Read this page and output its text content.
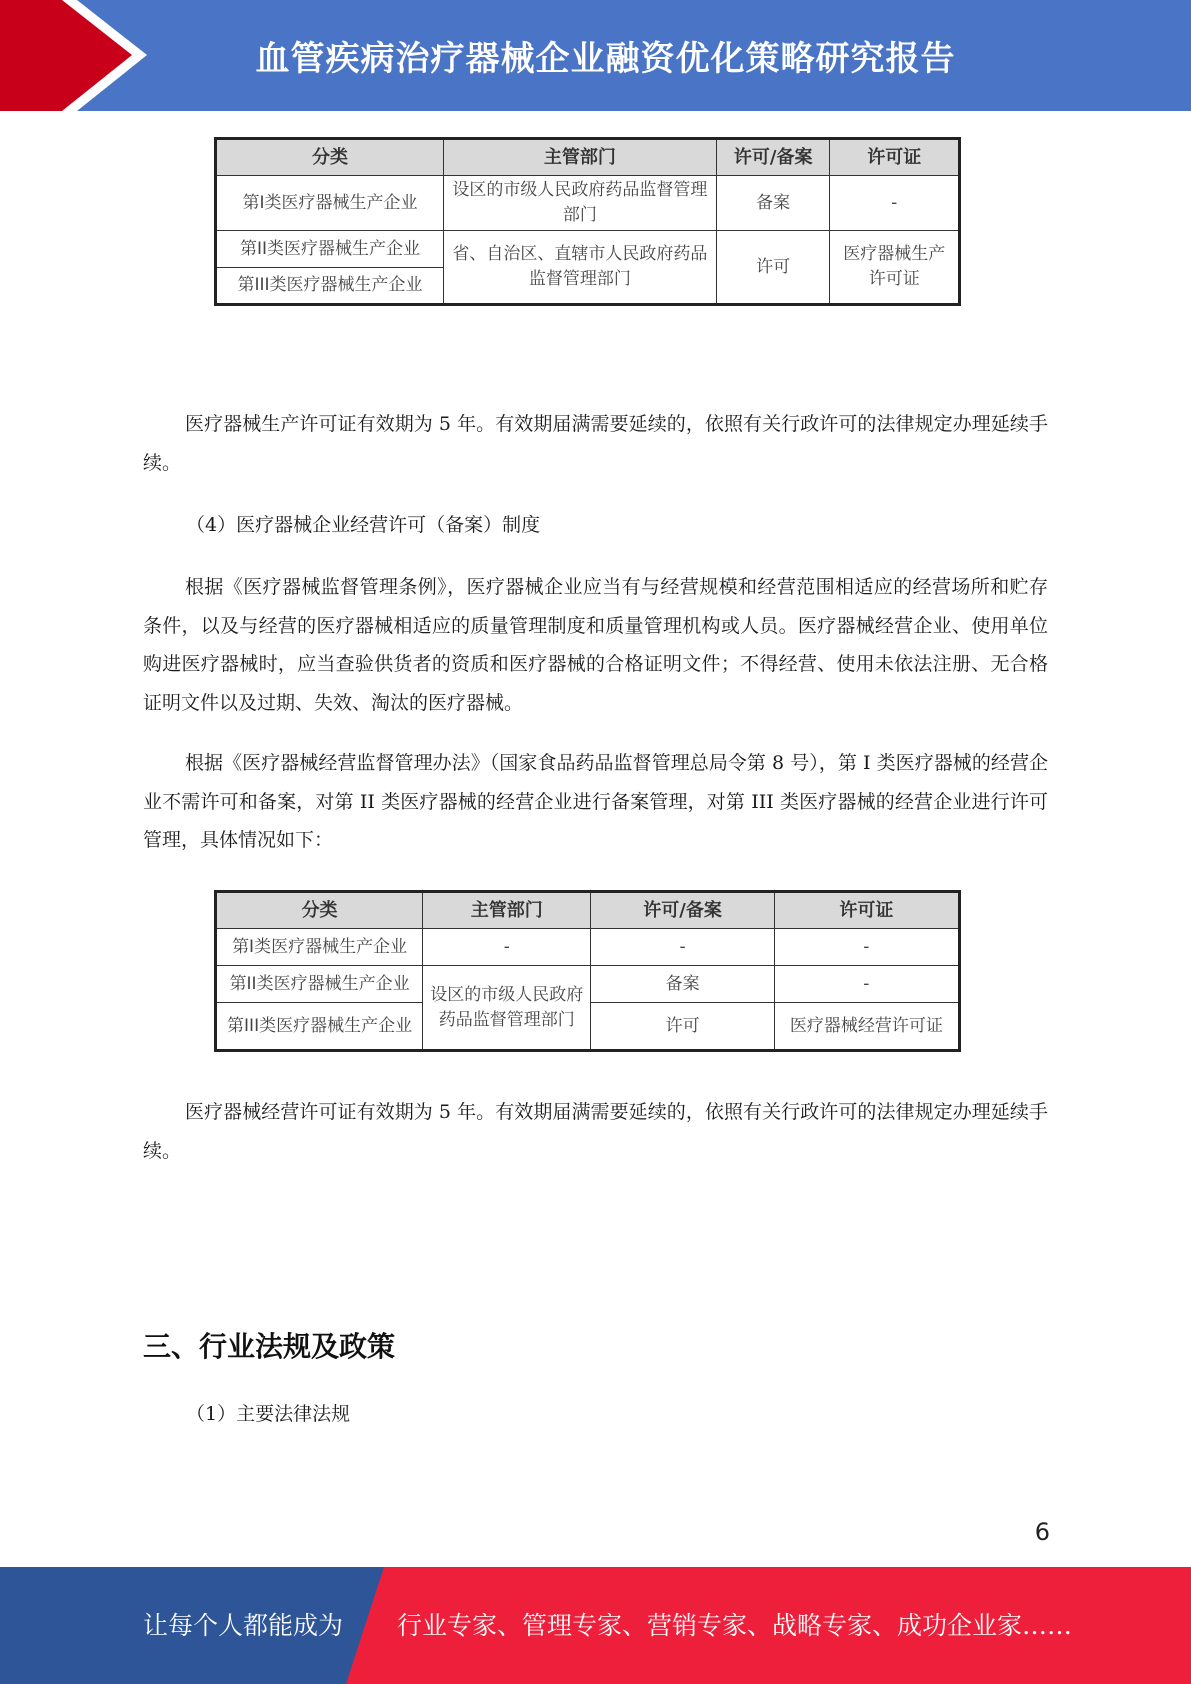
血管疾病治疗器械企业融资优化策略研究报告
分类	主管部门	许可/备案	许可证
第I类医疗器械生产企业	设区的市级人民政府药品监督管理部门	备案	-
第II类医疗器械生产企业	省、自治区、直辖市人民政府药品监督管理部门	许可	医疗器械生产许可证
第III类医疗器械生产企业			

医疗器械生产许可证有效期为 5 年。有效期届满需要延续的，依照有关行政许可的法律规定办理延续手续。

（4）医疗器械企业经营许可（备案）制度

根据《医疗器械监督管理条例》，医疗器械企业应当有与经营规模和经营范围相适应的经营场所和贮存条件，以及与经营的医疗器械相适应的质量管理制度和质量管理机构或人员。医疗器械经营企业、使用单位购进医疗器械时，应当查验供货者的资质和医疗器械的合格证明文件；不得经营、使用未依法注册、无合格证明文件以及过期、失效、淘汰的医疗器械。

根据《医疗器械经营监督管理办法》（国家食品药品监督管理总局令第 8 号），第 I 类医疗器械的经营企业不需许可和备案，对第 II 类医疗器械的经营企业进行备案管理，对第 III 类医疗器械的经营企业进行许可管理，具体情况如下：

分类	主管部门	许可/备案	许可证
第I类医疗器械生产企业	-	-	-
第II类医疗器械生产企业	设区的市级人民政府药品监督管理部门	备案	-
第III类医疗器械生产企业		许可	医疗器械经营许可证

医疗器械经营许可证有效期为 5 年。有效期届满需要延续的，依照有关行政许可的法律规定办理延续手续。

三、行业法规及政策

（1）主要法律法规

6
让每个人都能成为 行业专家、管理专家、营销专家、战略专家、成功企业家……
